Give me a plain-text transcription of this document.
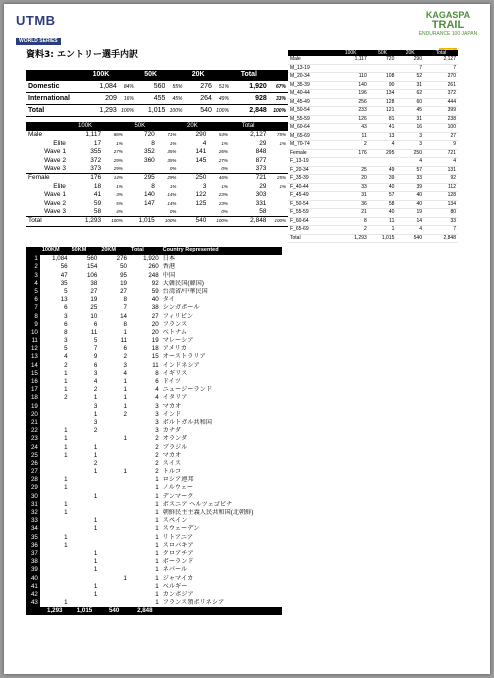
UTMB
WORLD SERIES
KAGASPA
TRAIL
ENDURANCE 100 JAPAN
資料3: エントリー選手内訳
	100K		50K		20K		Total	
Domestic	1,084	84%	560	55%	276	51%	1,920	67%
International	209	16%	455	45%	264	49%	928	33%
Total	1,293	100%	1,015	100%	540	100%	2,848	100%
	100K		50K		20K		Total	
Male	1,117	86%	720	71%	290	54%	2,127	75%
Elite	17	1%	8	1%	4	1%	29	1%
Wave 1	355	27%	352	35%	141	26%	848	
Wave 2	372	29%	360	35%	145	27%	877	
Wave 3	373	29%		0%		0%	373	
Female	176	14%	295	29%	250	46%	721	25%
Elite	18	1%	8	1%	3	1%	29	1%
Wave 1	41	3%	140	14%	122	23%	303	
Wave 2	59	5%	147	14%	125	23%	331	
Wave 3	58	4%		0%		0%	58	
Total	1,293	100%	1,015	100%	540	100%	2,848	100%
	100K	50K	20K	Total
Male	1,117	720	290	2,127
M_13-19			7	7
M_20-34	110	108	52	270
M_35-39	140	90	31	261
M_40-44	196	134	62	372
M_45-49	256	128	60	444
M_50-54	233	121	45	399
M_55-59	126	81	31	238
M_60-64	43	41	16	100
M_65-69	11	13	3	27
M_70-74	2	4	3	9
Female	176	295	250	721
F_13-19			4	4
F_20-34	25	49	57	131
F_35-39	20	39	33	92
F_40-44	33	40	39	112
F_45-49	31	57	40	128
F_50-54	36	58	40	134
F_55-59	21	40	19	80
F_60-64	8	11	14	33
F_65-69	2	1	4	7
Total	1,293	1,015	540	2,848
	100KM	50KM	20KM	Total	Country Represented
1	1,084	560	276	1,920	日本
2	56	154	50	260	香港
3	47	106	95	248	中国
4	35	38	19	92	大韓民国(韓国)
5	5	27	27	59	台湾省/中華民国
6	13	19	8	40	タイ
7	6	25	7	38	シンガポール
8	3	10	14	27	フィリピン
9	6	6	8	20	フランス
10	8	11	1	20	ベトナム
11	3	5	11	19	マレーシア
12	5	7	6	18	アメリカ
13	4	9	2	15	オーストラリア
14	2	6	3	11	インドネシア
15	1	3	4	8	イギリス
16	1	4	1	6	ドイツ
17	1	2	1	4	ニュージーランド
18	2	1	1	4	イタリア
19		3	1	3	マカオ
20		1	2	3	インド
21		3		3	ポルトガル共和国
22	1	2		3	カナダ
23	1		1	2	オランダ
24	1	1		2	ブラジル
25	1	1		2	マカオ
26		2		2	スイス
27		1	1	2	トルコ
28	1			1	ロシア連邦
29	1			1	ノルウェー
30		1		1	デンマーク
31	1			1	ボスニア ヘルツェゴビナ
32	1			1	朝鮮民主主義人民共和国(北朝鮮)
33		1		1	スペイン
34		1		1	スウェーデン
35	1			1	リトアニア
36	1			1	スロバキア
37		1		1	クロアチア
38		1		1	ポーランド
39		1		1	ネパール
40			1	1	ジャマイカ
41		1		1	ベルギー
42		1		1	カンボジア
43	1			1	フランス領ポリネシア
	1,293	1,015	540	2,848	
